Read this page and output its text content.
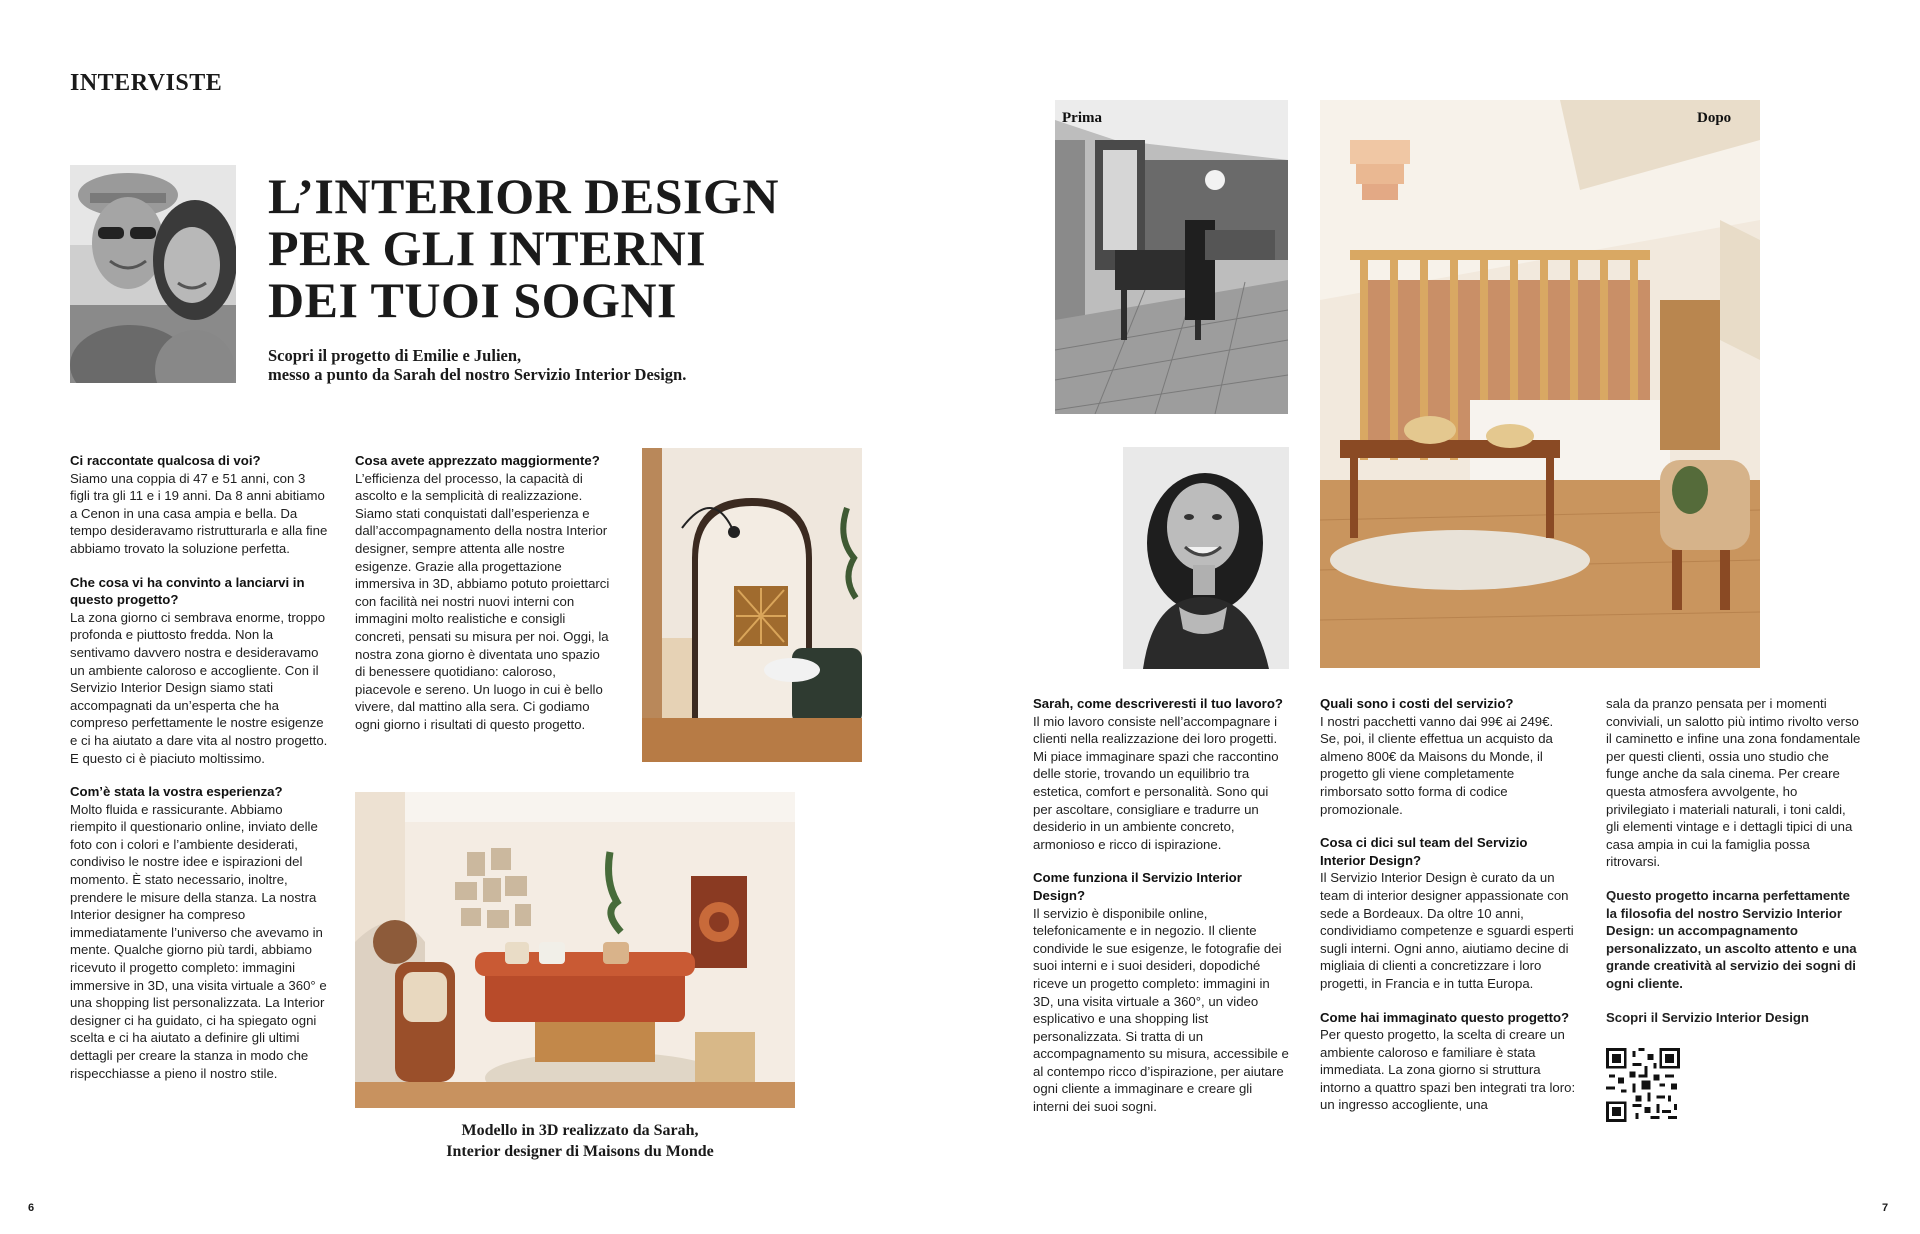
INTERVISTE
L’INTERIOR DESIGN
PER GLI INTERNI
DEI TUOI SOGNI
Scopri il progetto di Emilie e Julien,
messo a punto da Sarah del nostro Servizio Interior Design.

Ci raccontate qualcosa di voi?
Siamo una coppia di 47 e 51 anni, con 3 figli tra gli 11 e i 19 anni. Da 8 anni abitiamo a Cenon in una casa ampia e bella. Da tempo desideravamo ristrutturarla e alla fine abbiamo trovato la soluzione perfetta.

Che cosa vi ha convinto a lanciarvi in questo progetto?
La zona giorno ci sembrava enorme, troppo profonda e piuttosto fredda. Non la sentivamo davvero nostra e desideravamo un ambiente caloroso e accogliente. Con il Servizio Interior Design siamo stati accompagnati da un’esperta che ha compreso perfettamente le nostre esigenze e ci ha aiutato a dare vita al nostro progetto. E questo ci è piaciuto moltissimo.

Com’è stata la vostra esperienza?
Molto fluida e rassicurante. Abbiamo riempito il questionario online, inviato delle foto con i colori e l’ambiente desiderati, condiviso le nostre idee e ispirazioni del momento. È stato necessario, inoltre, prendere le misure della stanza. La nostra Interior designer ha compreso immediatamente l’universo che avevamo in mente. Qualche giorno più tardi, abbiamo ricevuto il progetto completo: immagini immersive in 3D, una visita virtuale a 360° e una shopping list personalizzata. La Interior designer ci ha guidato, ci ha spiegato ogni scelta e ci ha aiutato a definire gli ultimi dettagli per creare la stanza in modo che rispecchiasse a pieno il nostro stile.

Cosa avete apprezzato maggiormente?
L’efficienza del processo, la capacità di ascolto e la semplicità di realizzazione. Siamo stati conquistati dall’esperienza e dall’accompagnamento della nostra Interior designer, sempre attenta alle nostre esigenze. Grazie alla progettazione immersiva in 3D, abbiamo potuto proiettarci con facilità nei nostri nuovi interni con immagini molto realistiche e consigli concreti, pensati su misura per noi. Oggi, la nostra zona giorno è diventata uno spazio di benessere quotidiano: caloroso, piacevole e sereno. Un luogo in cui è bello vivere, dal mattino alla sera. Ci godiamo ogni giorno i risultati di questo progetto.

Modello in 3D realizzato da Sarah,
Interior designer di Maisons du Monde
6
Prima	Dopo

Sarah, come descriveresti il tuo lavoro?
Il mio lavoro consiste nell’accompagnare i clienti nella realizzazione dei loro progetti. Mi piace immaginare spazi che raccontino delle storie, trovando un equilibrio tra estetica, comfort e personalità. Sono qui per ascoltare, consigliare e tradurre un desiderio in un ambiente concreto, armonioso e ricco di ispirazione.

Come funziona il Servizio Interior Design?
Il servizio è disponibile online, telefonicamente e in negozio. Il cliente condivide le sue esigenze, le fotografie dei suoi interni e i suoi desideri, dopodiché riceve un progetto completo: immagini in 3D, una visita virtuale a 360°, un video esplicativo e una shopping list personalizzata. Si tratta di un accompagnamento su misura, accessibile e al contempo ricco d’ispirazione, per aiutare ogni cliente a immaginare e creare gli interni dei suoi sogni.

Quali sono i costi del servizio?
I nostri pacchetti vanno dai 99€ ai 249€. Se, poi, il cliente effettua un acquisto da almeno 800€ da Maisons du Monde, il progetto gli viene completamente rimborsato sotto forma di codice promozionale.

Cosa ci dici sul team del Servizio Interior Design?
Il Servizio Interior Design è curato da un team di interior designer appassionate con sede a Bordeaux. Da oltre 10 anni, condividiamo competenze e sguardi esperti sugli interni. Ogni anno, aiutiamo decine di migliaia di clienti a concretizzare i loro progetti, in Francia e in tutta Europa.

Come hai immaginato questo progetto?
Per questo progetto, la scelta di creare un ambiente caloroso e familiare è stata immediata. La zona giorno si struttura intorno a quattro spazi ben integrati tra loro: un ingresso accogliente, una

sala da pranzo pensata per i momenti conviviali, un salotto più intimo rivolto verso il caminetto e infine una zona fondamentale per questi clienti, ossia uno studio che funge anche da sala cinema. Per creare questa atmosfera avvolgente, ho privilegiato i materiali naturali, i toni caldi, gli elementi vintage e i dettagli tipici di una casa ampia in cui la famiglia possa ritrovarsi.

Questo progetto incarna perfettamente la filosofia del nostro Servizio Interior Design: un accompagnamento personalizzato, un ascolto attento e una grande creatività al servizio dei sogni di ogni cliente.

Scopri il Servizio Interior Design

7
